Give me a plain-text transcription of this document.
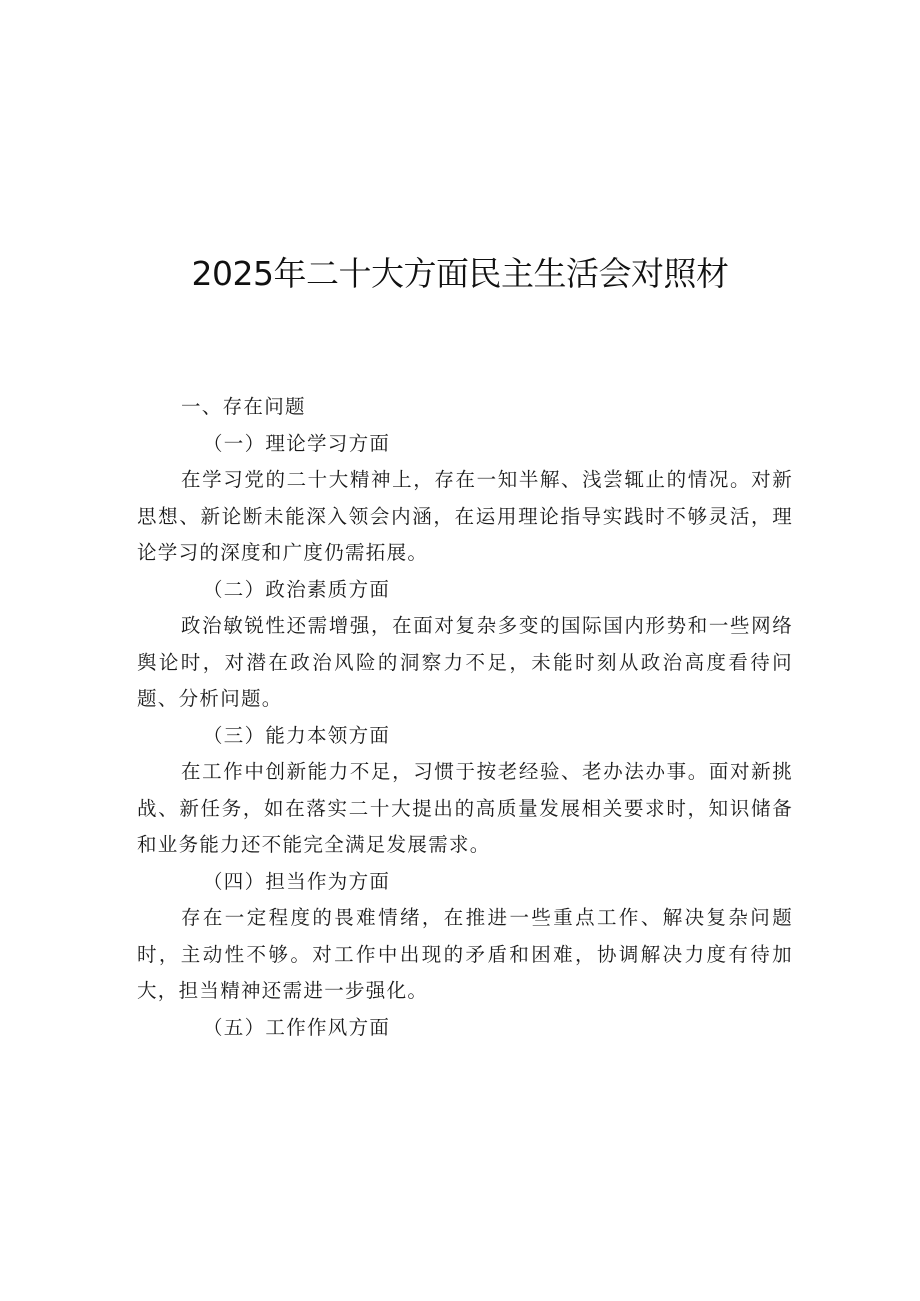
2025年二十大方面民主生活会对照材

一、存在问题

（一）理论学习方面

在学习党的二十大精神上，存在一知半解、浅尝辄止的情况。对新思想、新论断未能深入领会内涵，在运用理论指导实践时不够灵活，理论学习的深度和广度仍需拓展。

（二）政治素质方面

政治敏锐性还需增强，在面对复杂多变的国际国内形势和一些网络舆论时，对潜在政治风险的洞察力不足，未能时刻从政治高度看待问题、分析问题。

（三）能力本领方面

在工作中创新能力不足，习惯于按老经验、老办法办事。面对新挑战、新任务，如在落实二十大提出的高质量发展相关要求时，知识储备和业务能力还不能完全满足发展需求。

（四）担当作为方面

存在一定程度的畏难情绪，在推进一些重点工作、解决复杂问题时，主动性不够。对工作中出现的矛盾和困难，协调解决力度有待加大，担当精神还需进一步强化。

（五）工作作风方面
